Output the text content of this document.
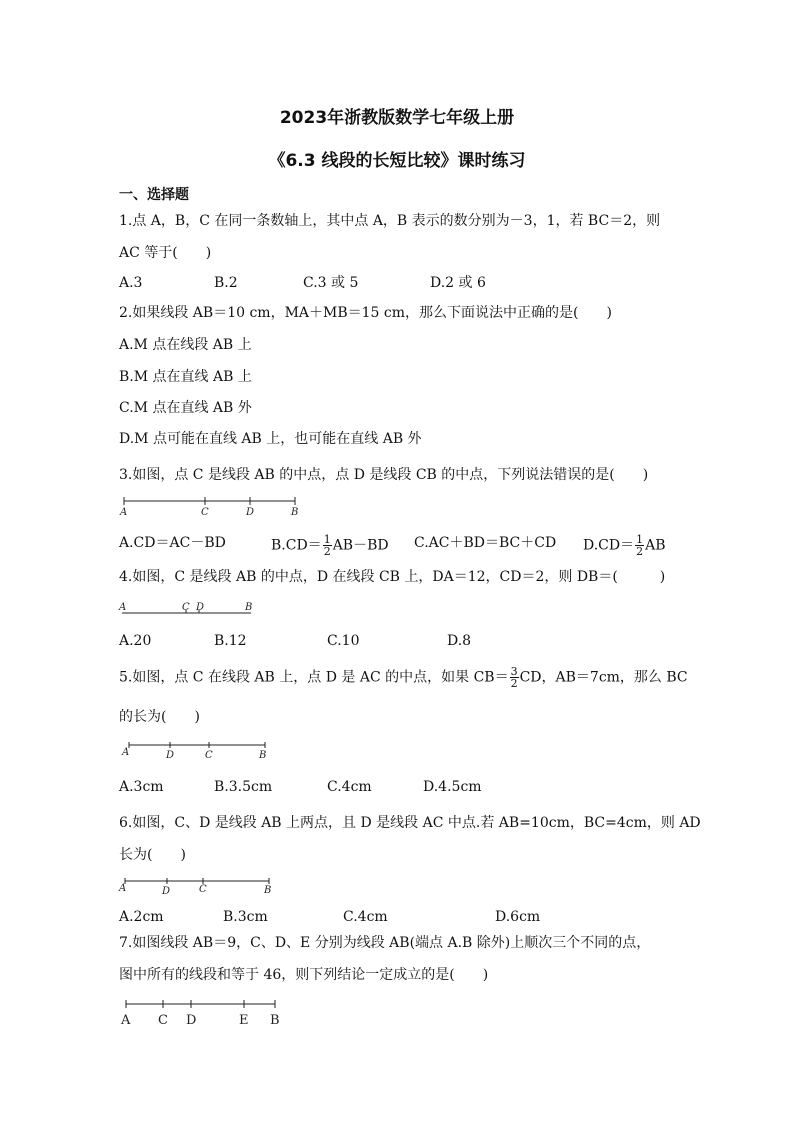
2023年浙教版数学七年级上册
《6.3 线段的长短比较》课时练习
一、选择题
1.点 A，B，C 在同一条数轴上，其中点 A，B 表示的数分别为－3，1，若 BC＝2，则
AC 等于(　　)
A.3	B.2	C.3 或 5	D.2 或 6
2.如果线段 AB＝10 cm，MA＋MB＝15 cm，那么下面说法中正确的是(　　)
A.M 点在线段 AB 上
B.M 点在直线 AB 上
C.M 点在直线 AB 外
D.M 点可能在直线 AB 上，也可能在直线 AB 外
3.如图，点 C 是线段 AB 的中点，点 D 是线段 CB 的中点，下列说法错误的是(　　)
A	C	D	B
A.CD＝AC－BD	$B.CD= \frac{1}{2} AB-BD$ C.AC＋BD＝BC＋CD $D.CD= \frac{1}{2}$ AB
4.如图，C 是线段 AB 的中点，D 在线段 CB 上，DA＝12，CD＝2，则 DB＝(　　　)
A	C D	B
A.20	B.12	C.10	D.8
5.如图，点 C 在线段 AB 上，点 D 是 AC 的中点，如果 $CB= \frac{3}{2}$ CD，AB＝7cm，那么 BC
的长为(　　)
A	D	C	B
A.3cm	B.3.5cm	C.4cm	D.4.5cm
6.如图，C、D 是线段 AB 上两点，且 D 是线段 AC 中点.若 AB=10cm，BC=4cm，则 AD
长为(　　)
A	D	C	B
A.2cm	B.3cm	C.4cm	D.6cm
7.如图线段 AB＝9，C、D、E 分别为线段 AB(端点 A.B 除外)上顺次三个不同的点，
图中所有的线段和等于 46，则下列结论一定成立的是(　　)
A C D	E B
